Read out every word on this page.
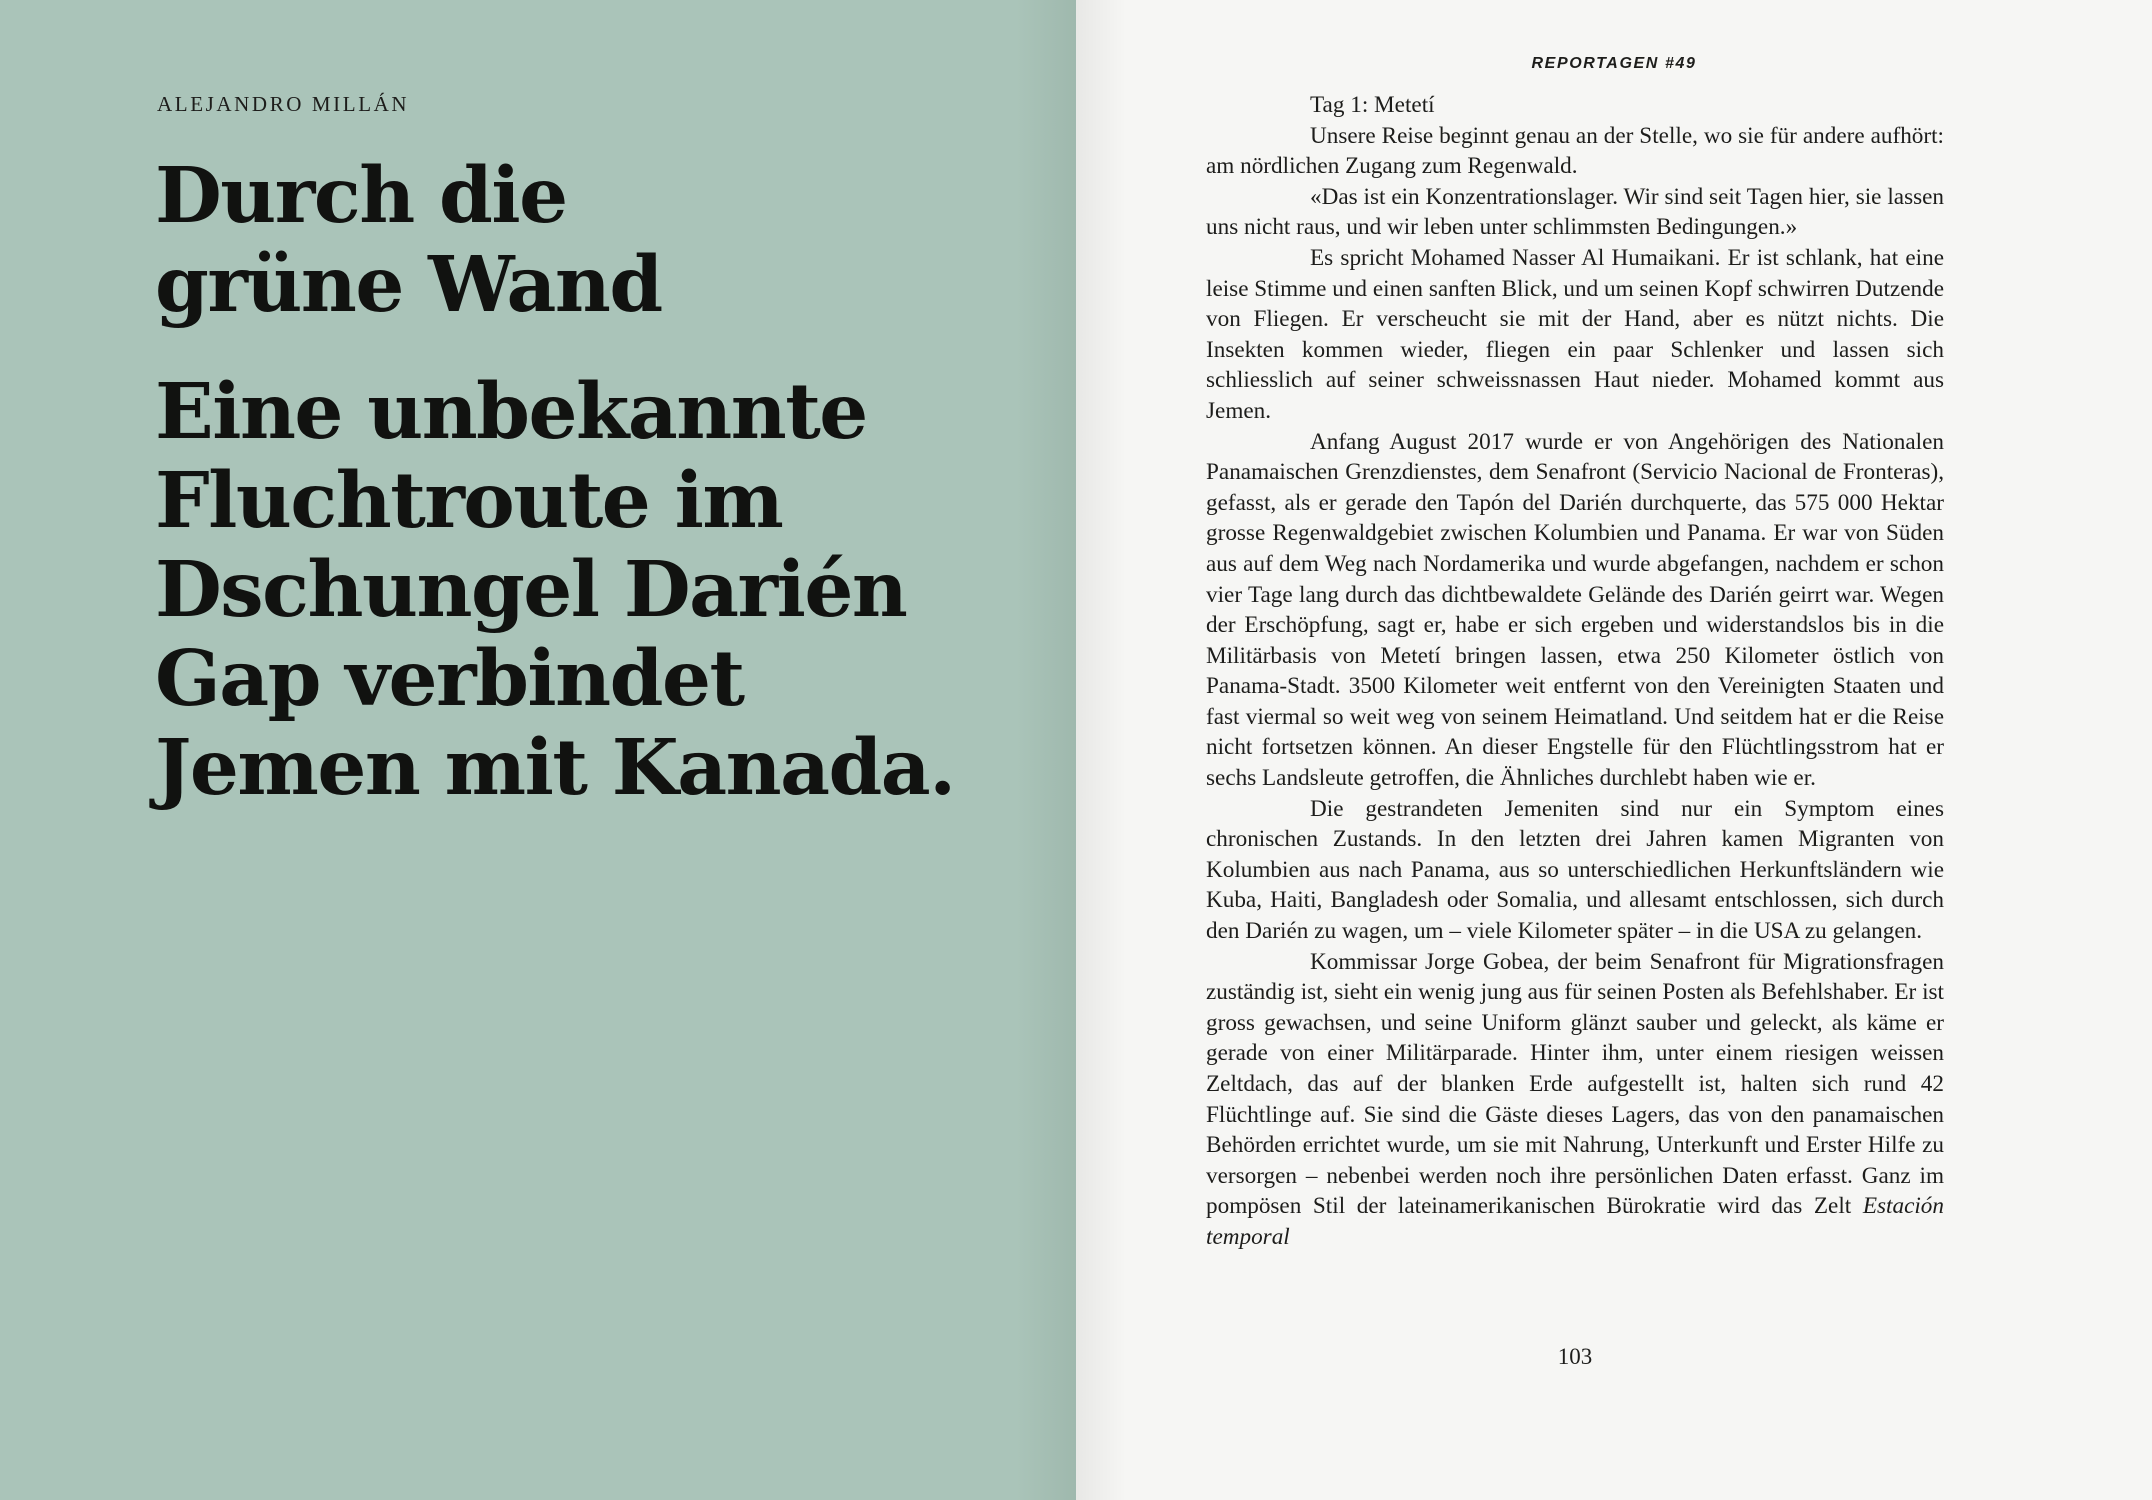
ALEJANDRO MILLÁN
Durch die
grüne Wand
Eine unbekannte
Fluchtroute im
Dschungel Darién
Gap verbindet
Jemen mit Kanada.
REPORTAGEN #49

Tag 1: Metetí

Unsere Reise beginnt genau an der Stelle, wo sie für andere aufhört: am nördlichen Zugang zum Regenwald.

«Das ist ein Konzentrationslager. Wir sind seit Tagen hier, sie lassen uns nicht raus, und wir leben unter schlimmsten Bedingungen.»

Es spricht Mohamed Nasser Al Humaikani. Er ist schlank, hat eine leise Stimme und einen sanften Blick, und um seinen Kopf schwirren Dutzende von Fliegen. Er verscheucht sie mit der Hand, aber es nützt nichts. Die Insekten kommen wieder, fliegen ein paar Schlenker und lassen sich schliesslich auf seiner schweissnassen Haut nieder. Mohamed kommt aus Jemen.

Anfang August 2017 wurde er von Angehörigen des Nationalen Panamaischen Grenzdienstes, dem Senafront (Servicio Nacional de Fronteras), gefasst, als er gerade den Tapón del Darién durchquerte, das 575 000 Hektar grosse Regenwaldgebiet zwischen Kolumbien und Panama. Er war von Süden aus auf dem Weg nach Nordamerika und wurde abgefangen, nachdem er schon vier Tage lang durch das dichtbewaldete Gelände des Darién geirrt war. Wegen der Erschöpfung, sagt er, habe er sich ergeben und widerstandslos bis in die Militärbasis von Metetí bringen lassen, etwa 250 Kilometer östlich von Panama-Stadt. 3500 Kilometer weit entfernt von den Vereinigten Staaten und fast viermal so weit weg von seinem Heimatland. Und seitdem hat er die Reise nicht fortsetzen können. An dieser Engstelle für den Flüchtlingsstrom hat er sechs Landsleute getroffen, die Ähnliches durchlebt haben wie er.

Die gestrandeten Jemeniten sind nur ein Symptom eines chronischen Zustands. In den letzten drei Jahren kamen Migranten von Kolumbien aus nach Panama, aus so unterschiedlichen Herkunftsländern wie Kuba, Haiti, Bangladesh oder Somalia, und allesamt entschlossen, sich durch den Darién zu wagen, um – viele Kilometer später – in die USA zu gelangen.

Kommissar Jorge Gobea, der beim Senafront für Migrationsfragen zuständig ist, sieht ein wenig jung aus für seinen Posten als Befehlshaber. Er ist gross gewachsen, und seine Uniform glänzt sauber und geleckt, als käme er gerade von einer Militärparade. Hinter ihm, unter einem riesigen weissen Zeltdach, das auf der blanken Erde aufgestellt ist, halten sich rund 42 Flüchtlinge auf. Sie sind die Gäste dieses Lagers, das von den panamaischen Behörden errichtet wurde, um sie mit Nahrung, Unterkunft und Erster Hilfe zu versorgen – nebenbei werden noch ihre persönlichen Daten erfasst. Ganz im pompösen Stil der lateinamerikanischen Bürokratie wird das Zelt Estación temporal

103
